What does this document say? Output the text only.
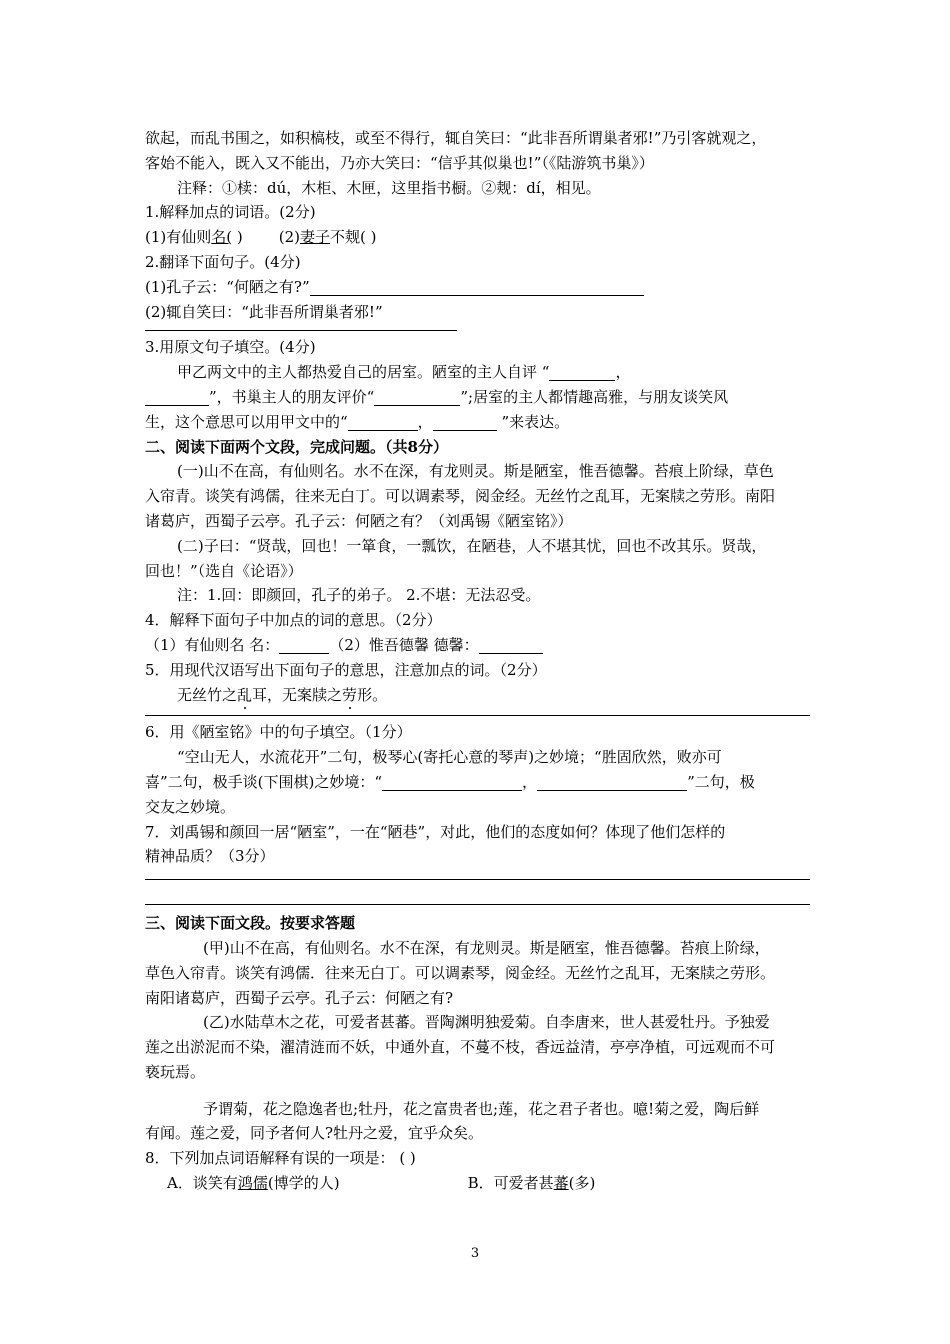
欲起，而乱书围之，如积槁枝，或至不得行，辄自笑曰：“此非吾所谓巢者邪!”乃引客就观之，
客始不能入，既入又不能出，乃亦大笑曰：“信乎其似巢也!”（《陆游筑书巢》）
注释：①椟：dú，木柜、木匣，这里指书橱。②觌：dí，相见。
1.解释加点的词语。(2分)
(1)有仙则名( ) (2)妻子不觌( )
2.翻译下面句子。(4分)
(1)孔子云：“何陋之有?”
(2)辄自笑曰：“此非吾所谓巢者邪!”
3.用原文句子填空。(4分)
甲乙两文中的主人都热爱自己的居室。陋室的主人自评 “	，
”，书巢主人的朋友评价“	”;居室的主人都情趣高雅，与朋友谈笑风
生，这个意思可以用甲文中的“	，	”来表达。
二、阅读下面两个文段，完成问题。（共8分）
(一)山不在高，有仙则名。水不在深，有龙则灵。斯是陋室，惟吾德馨。苔痕上阶绿，草色
入帘青。谈笑有鸿儒，往来无白丁。可以调素琴，阅金经。无丝竹之乱耳，无案牍之劳形。南阳
诸葛庐，西蜀子云亭。孔子云：何陋之有？（刘禹锡《陋室铭》）
(二)子曰：“贤哉，回也！一箪食，一瓢饮，在陋巷，人不堪其忧，回也不改其乐。贤哉，
回也！”（选自《论语》）
注：1.回：即颜回，孔子的弟子。 2.不堪：无法忍受。
4．解释下面句子中加点的词的意思。（2分）
（1）有仙则名 名：	（2）惟吾德馨 德馨：
5．用现代汉语写出下面句子的意思，注意加点的词。（2分）
无丝竹之乱耳，无案牍之劳形。
6．用《陋室铭》中的句子填空。（1分）
“空山无人，水流花开”二句，极琴心(寄托心意的琴声)之妙境；“胜固欣然，败亦可
喜”二句，极手谈(下围棋)之妙境：“	，	”二句，极
交友之妙境。
7．刘禹锡和颜回一居“陋室”，一在“陋巷”，对此，他们的态度如何？体现了他们怎样的
精神品质？（3分）
三、阅读下面文段。按要求答题
(甲)山不在高，有仙则名。水不在深，有龙则灵。斯是陋室，惟吾德馨。苔痕上阶绿，
草色入帘青。谈笑有鸿儒．往来无白丁。可以调素琴，阅金经。无丝竹之乱耳，无案牍之劳形。
南阳诸葛庐，西蜀子云亭。孔子云：何陋之有?
(乙)水陆草木之花，可爱者甚蕃。晋陶渊明独爱菊。自李唐来，世人甚爱牡丹。予独爱
莲之出淤泥而不染，濯清涟而不妖，中通外直，不蔓不枝，香远益清，亭亭净植，可远观而不可
亵玩焉。
予谓菊，花之隐逸者也;牡丹，花之富贵者也;莲，花之君子者也。噫!菊之爱，陶后鲜
有闻。莲之爱，同予者何人?牡丹之爱，宜乎众矣。
8．下列加点词语解释有误的一项是： ( )
A．谈笑有鸿儒(博学的人)	B．可爱者甚蕃(多)
3
